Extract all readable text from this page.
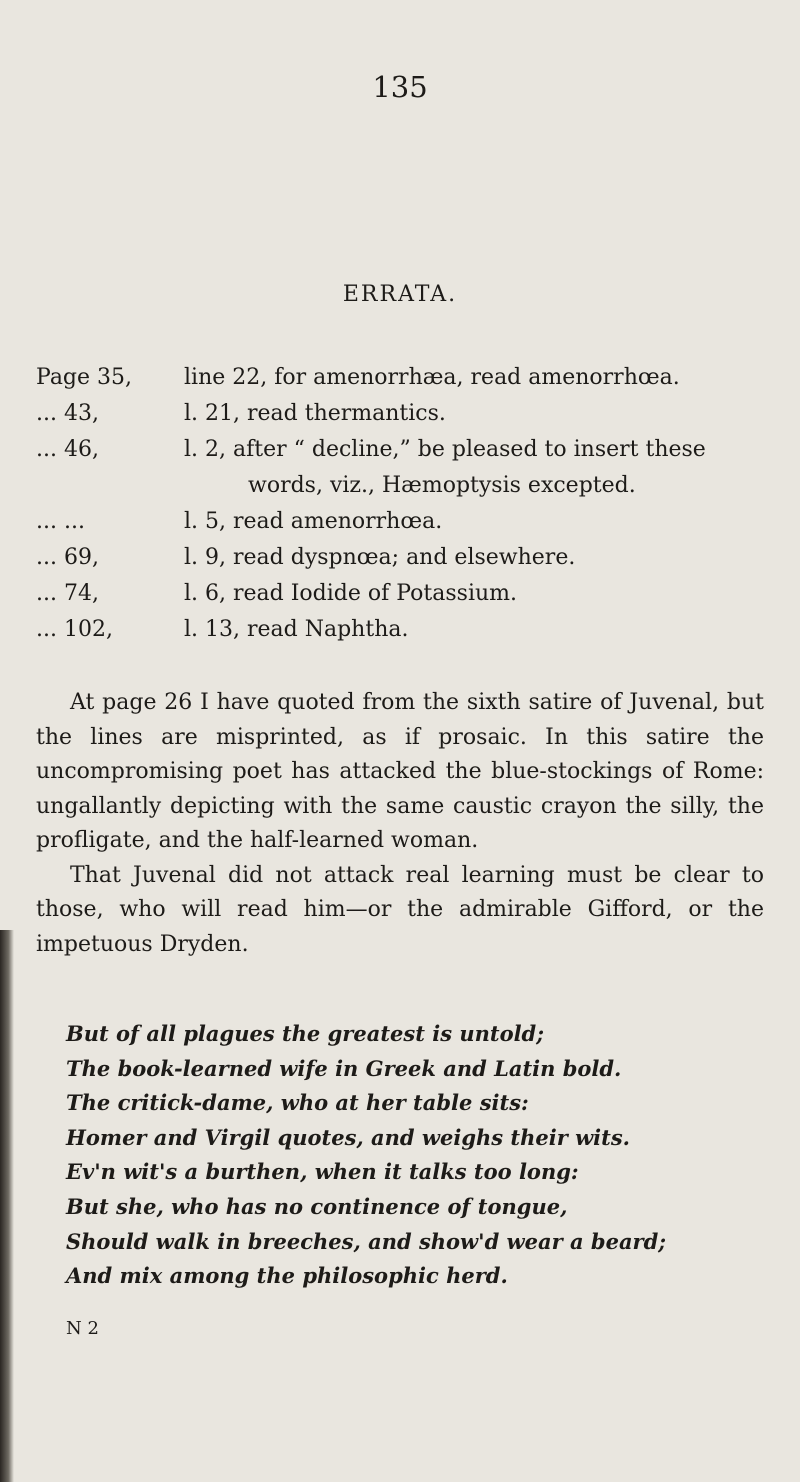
135
ERRATA.
Page 35, line 22, for amenorrhæa, read amenorrhœa.
... 43,	l. 21, read thermantics.
... 46,	l. 2, after “ decline,” be pleased to insert these
words, viz., Hæmoptysis excepted.
... ...	l. 5, read amenorrhœa.
... 69,	l. 9, read dyspnœa; and elsewhere.
... 74,	l. 6, read Iodide of Potassium.
... 102,	l. 13, read Naphtha.

At page 26 I have quoted from the sixth satire of Juvenal, but the lines are misprinted, as if prosaic. In this satire the uncompromising poet has attacked the blue-stockings of Rome: ungallantly depicting with the same caustic crayon the silly, the profligate, and the half-learned woman.

That Juvenal did not attack real learning must be clear to those, who will read him—or the admirable Gifford, or the impetuous Dryden.

But of all plagues the greatest is untold;
The book-learned wife in Greek and Latin bold.
The critick-dame, who at her table sits:
Homer and Virgil quotes, and weighs their wits.
Ev'n wit's a burthen, when it talks too long:
But she, who has no continence of tongue,
Should walk in breeches, and show'd wear a beard;
And mix among the philosophic herd.
N 2
